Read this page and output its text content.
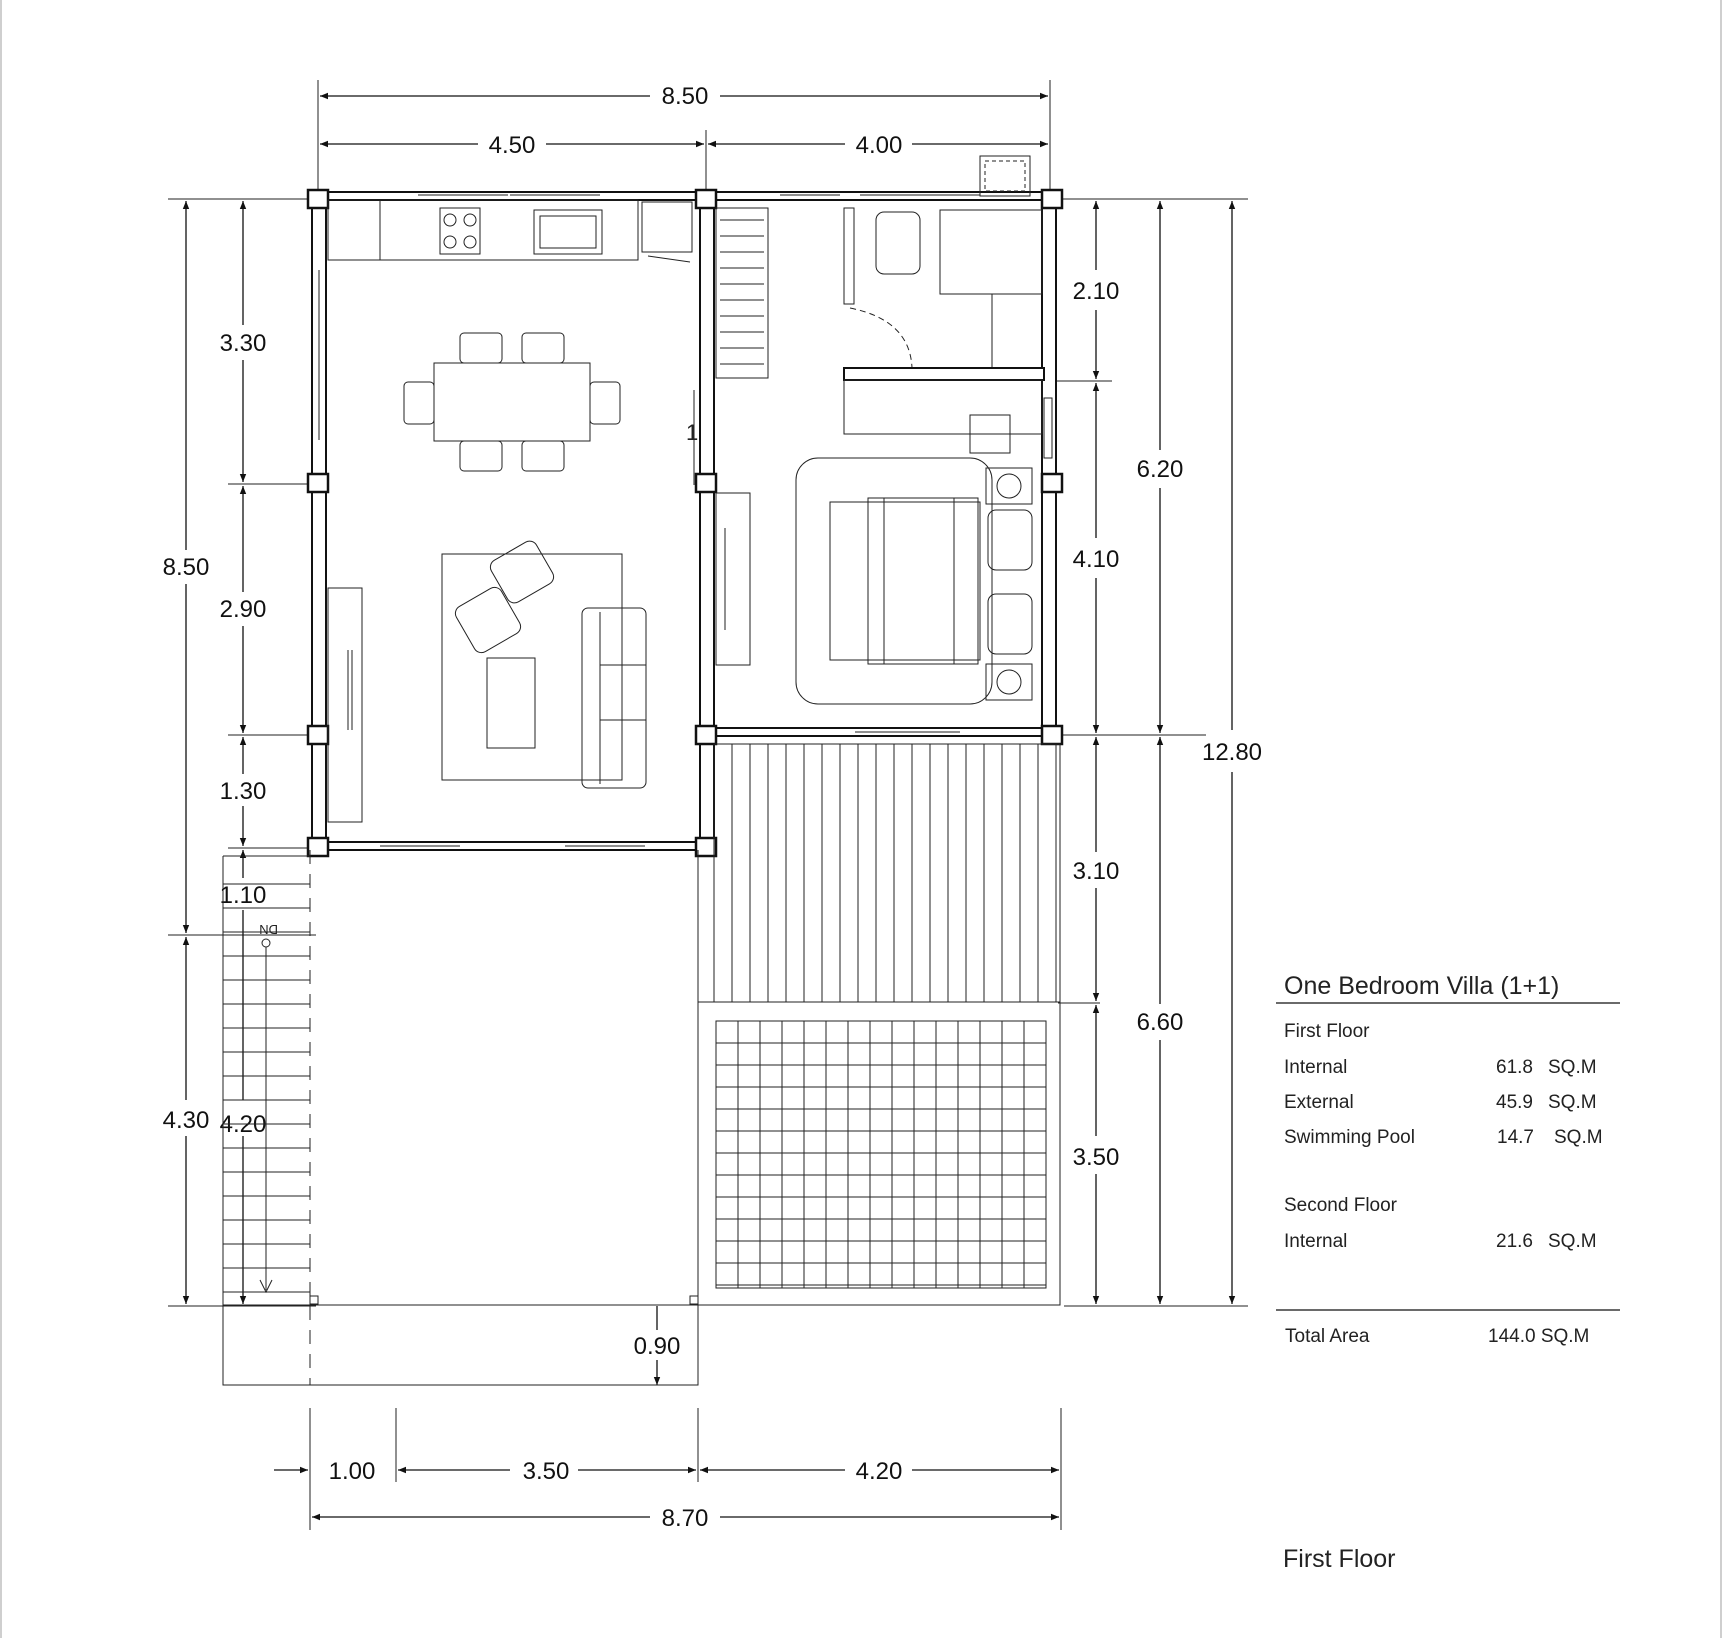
8.50
4.50	4.00
8.50
4.30
3.30
2.90
1.30
1.10
4.20
2.10
4.10
3.10
3.50
6.20
6.60
12.80
1.00	3.50	4.20
8.70
0.90
1
DN
One Bedroom Villa (1+1)
First Floor
Internal	61.8 SQ.M
External	45.9 SQ.M
Swimming Pool	14.7 SQ.M
Second Floor
Internal	21.6 SQ.M
Total Area	144.0 SQ.M
First Floor
